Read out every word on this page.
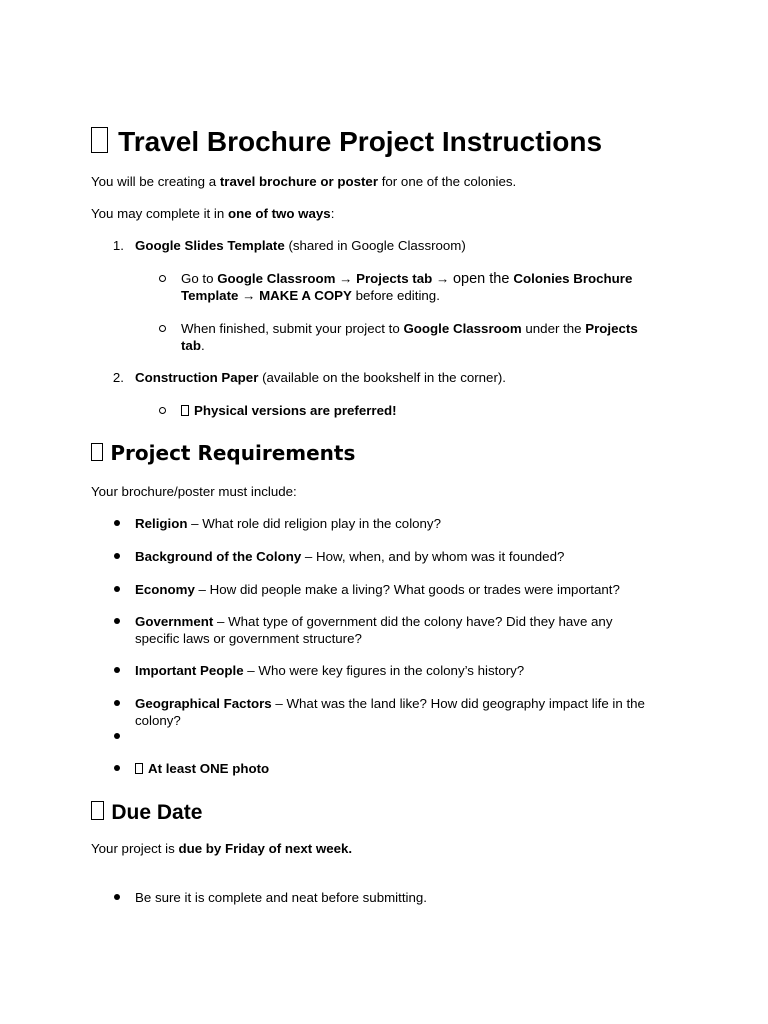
Travel Brochure Project Instructions
You will be creating a travel brochure or poster for one of the colonies.
You may complete it in one of two ways:
1. Google Slides Template (shared in Google Classroom)
Go to Google Classroom → Projects tab → open the Colonies Brochure
Template → MAKE A COPY before editing.
When finished, submit your project to Google Classroom under the Projects
tab.
2. Construction Paper (available on the bookshelf in the corner).
Physical versions are preferred!
Project Requirements
Your brochure/poster must include:
Religion – What role did religion play in the colony?
Background of the Colony – How, when, and by whom was it founded?
Economy – How did people make a living? What goods or trades were important?
Government – What type of government did the colony have? Did they have any
specific laws or government structure?
Important People – Who were key figures in the colony’s history?
Geographical Factors – What was the land like? How did geography impact life in the
colony?
At least ONE photo
Due Date
Your project is due by Friday of next week.
Be sure it is complete and neat before submitting.
